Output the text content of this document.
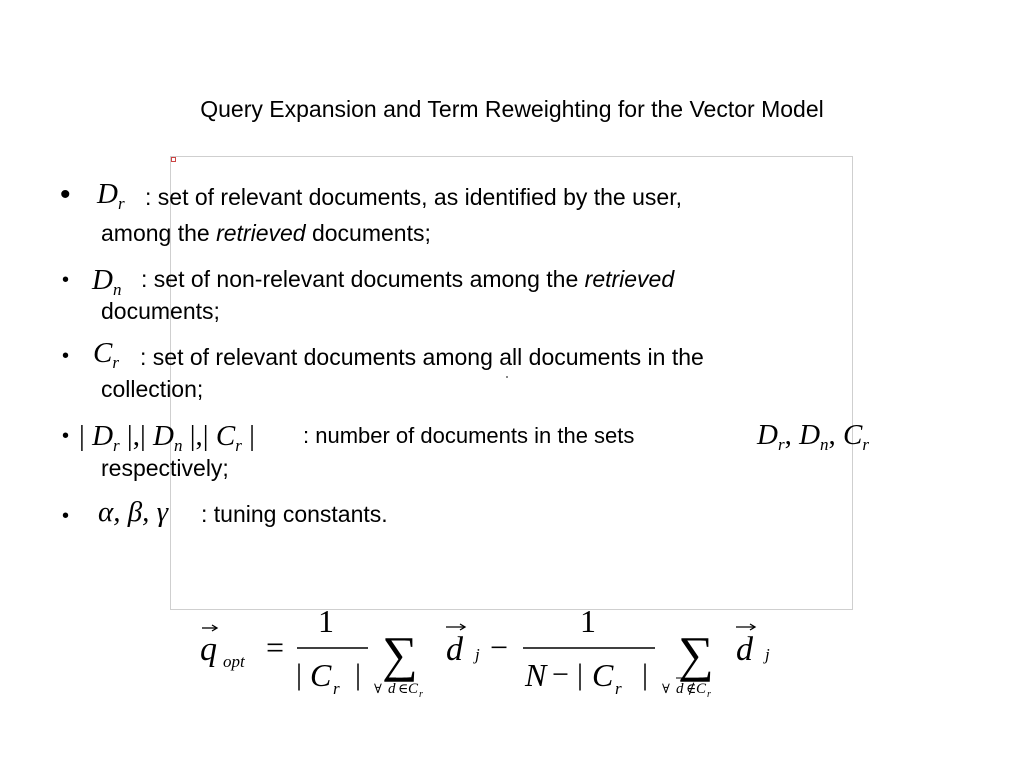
Query Expansion and Term Reweighting for the Vector Model
• $D_r$ : set of relevant documents, as identified by the user,
among the retrieved documents;
• $D_n$ : set of non-relevant documents among the retrieved
documents;
• $C_r$ : set of relevant documents among all documents in the
collection;
• | $D_r$ |,| $D_n$ |,| $C_r$ | : number of documents in the sets	$D_r$, $D_n$, $C_r$
respectively;
• α, β, γ : tuning constants.
q opt =
1
| C r | ∑
∀ d ∈ C r
d j −
1
N − | C r | ∑
∀ d ∉ C r
d j
